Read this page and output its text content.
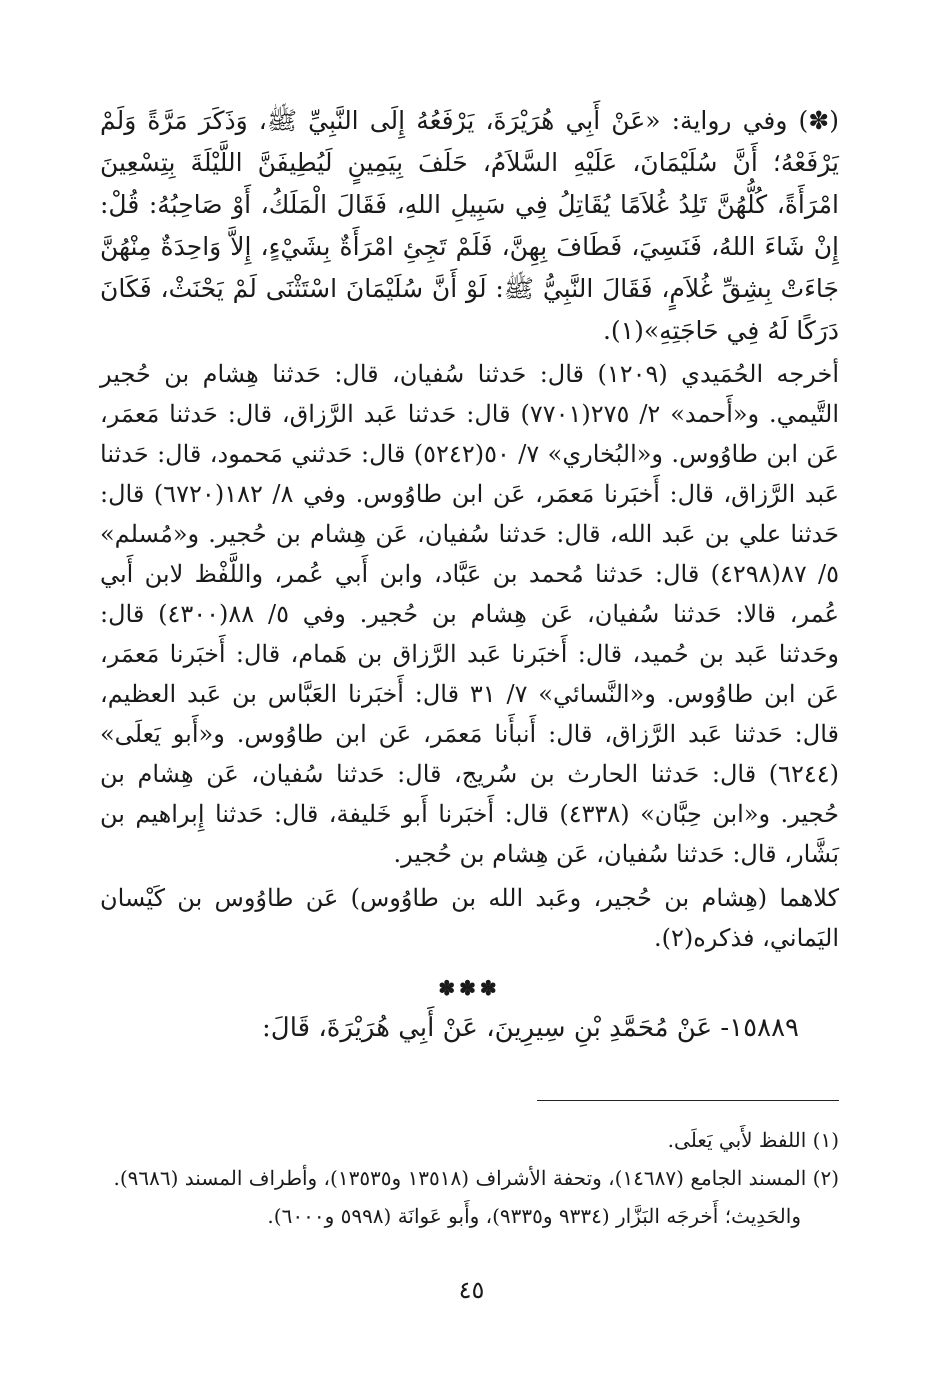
(✽) وفي رواية: «عَنْ أَبِي هُرَيْرَةَ، يَرْفَعُهُ إِلَى النَّبِيِّ ﷺ، وَذَكَرَ مَرَّةً وَلَمْ يَرْفَعْهُ؛ أَنَّ سُلَيْمَانَ، عَلَيْهِ السَّلاَمُ، حَلَفَ بِيَمِينٍ لَيُطِيفَنَّ اللَّيْلَةَ بِتِسْعِينَ امْرَأَةً، كُلُّهُنَّ تَلِدُ غُلاَمًا يُقَاتِلُ فِي سَبِيلِ اللهِ، فَقَالَ الْمَلَكُ، أَوْ صَاحِبُهُ: قُلْ: إِنْ شَاءَ اللهُ، فَنَسِيَ، فَطَافَ بِهِنَّ، فَلَمْ تَجِئِ امْرَأَةٌ بِشَيْءٍ، إِلاَّ وَاحِدَةٌ مِنْهُنَّ جَاءَتْ بِشِقِّ غُلاَمٍ، فَقَالَ النَّبِيُّ ﷺ: لَوْ أَنَّ سُلَيْمَانَ اسْتَثْنَى لَمْ يَحْنَثْ، فَكَانَ دَرَكًا لَهُ فِي حَاجَتِهِ»(١).

أخرجه الحُمَيدي (١٢٠٩) قال: حَدثنا سُفيان، قال: حَدثنا هِشام بن حُجير التَّيمي. و«أَحمد» ٢/ ٢٧٥(٧٧٠١) قال: حَدثنا عَبد الرَّزاق، قال: حَدثنا مَعمَر، عَن ابن طاوُوس. و«البُخاري» ٧/ ٥٠(٥٢٤٢) قال: حَدثني مَحمود، قال: حَدثنا عَبد الرَّزاق، قال: أَخبَرنا مَعمَر، عَن ابن طاوُوس. وفي ٨/ ١٨٢(٦٧٢٠) قال: حَدثنا علي بن عَبد الله، قال: حَدثنا سُفيان، عَن هِشام بن حُجير. و«مُسلم» ٥/ ٨٧(٤٢٩٨) قال: حَدثنا مُحمد بن عَبَّاد، وابن أَبي عُمر، واللَّفْظ لابن أَبي عُمر، قالا: حَدثنا سُفيان، عَن هِشام بن حُجير. وفي ٥/ ٨٨(٤٣٠٠) قال: وحَدثنا عَبد بن حُميد، قال: أَخبَرنا عَبد الرَّزاق بن هَمام، قال: أَخبَرنا مَعمَر، عَن ابن طاوُوس. و«النَّسائي» ٧/ ٣١ قال: أَخبَرنا العَبَّاس بن عَبد العظيم، قال: حَدثنا عَبد الرَّزاق، قال: أَنبأَنا مَعمَر، عَن ابن طاوُوس. و«أَبو يَعلَى» (٦٢٤٤) قال: حَدثنا الحارث بن سُريج، قال: حَدثنا سُفيان، عَن هِشام بن حُجير. و«ابن حِبَّان» (٤٣٣٨) قال: أَخبَرنا أَبو خَليفة، قال: حَدثنا إِبراهيم بن بَشَّار، قال: حَدثنا سُفيان، عَن هِشام بن حُجير.

كلاهما (هِشام بن حُجير، وعَبد الله بن طاوُوس) عَن طاوُوس بن كَيْسان اليَماني، فذكره(٢).

✽✽✽

١٥٨٨٩- عَنْ مُحَمَّدِ بْنِ سِيرِينَ، عَنْ أَبِي هُرَيْرَةَ، قَالَ:

(١) اللفظ لأَبي يَعلَى.

(٢) المسند الجامع (١٤٦٨٧)، وتحفة الأشراف (١٣٥١٨ و١٣٥٣٥)، وأطراف المسند (٩٦٨٦).

والحَدِيث؛ أَخرجَه البَزَّار (٩٣٣٤ و٩٣٣٥)، وأَبو عَوانَة (٥٩٩٨ و٦٠٠٠).

٤٥
